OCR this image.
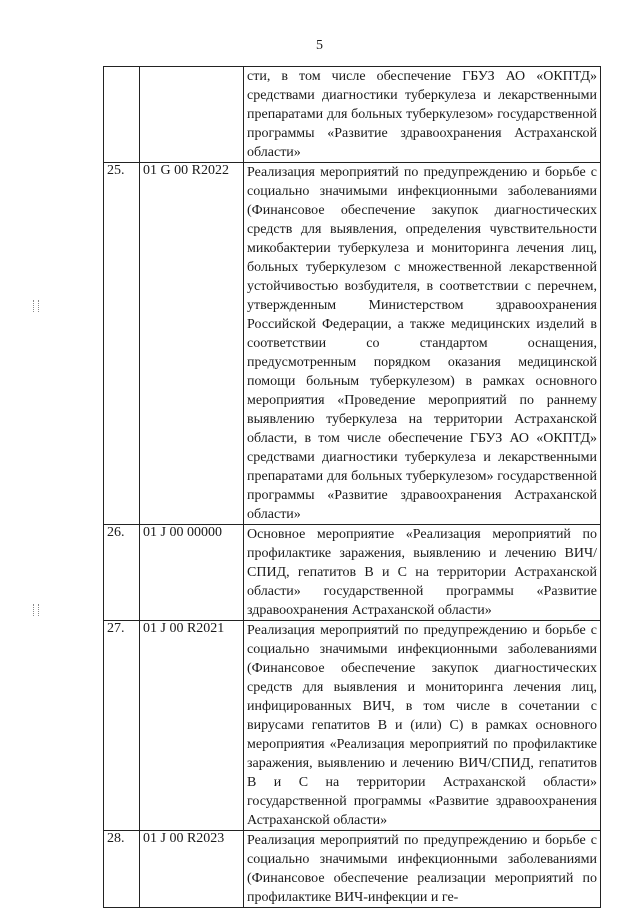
5

		сти, в том числе обеспечение ГБУЗ АО «ОКПТД» средствами диагностики туберкулеза и лекарственными препаратами для больных туберкулезом» государственной программы «Развитие здравоохранения Астраханской области»

25.	01 G 00 R2022	Реализация мероприятий по предупреждению и борьбе с социально значимыми инфекционными заболеваниями (Финансовое обеспечение закупок диагностических средств для выявления, определения чувствительности микобактерии туберкулеза и мониторинга лечения лиц, больных туберкулезом с множественной лекарственной устойчивостью возбудителя, в соответствии с перечнем, утвержденным Министерством здравоохранения Российской Федерации, а также медицинских изделий в соответствии со стандартом оснащения, предусмотренным порядком оказания медицинской помощи больным туберкулезом) в рамках основного мероприятия «Проведение мероприятий по раннему выявлению туберкулеза на территории Астраханской области, в том числе обеспечение ГБУЗ АО «ОКПТД» средствами диагностики туберкулеза и лекарственными препаратами для больных туберкулезом» государственной программы «Развитие здравоохранения Астраханской области»

26.	01 J 00 00000	Основное мероприятие «Реализация мероприятий по профилактике заражения, выявлению и лечению ВИЧ/СПИД, гепатитов В и С на территории Астраханской области» государственной программы «Развитие здравоохранения Астраханской области»

27.	01 J 00 R2021	Реализация мероприятий по предупреждению и борьбе с социально значимыми инфекционными заболеваниями (Финансовое обеспечение закупок диагностических средств для выявления и мониторинга лечения лиц, инфицированных ВИЧ, в том числе в сочетании с вирусами гепатитов В и (или) С) в рамках основного мероприятия «Реализация мероприятий по профилактике заражения, выявлению и лечению ВИЧ/СПИД, гепатитов В и С на территории Астраханской области» государственной программы «Развитие здравоохранения Астраханской области»

28.	01 J 00 R2023	Реализация мероприятий по предупреждению и борьбе с социально значимыми инфекционными заболеваниями (Финансовое обеспечение реализации мероприятий по профилактике ВИЧ-инфекции и ге-
